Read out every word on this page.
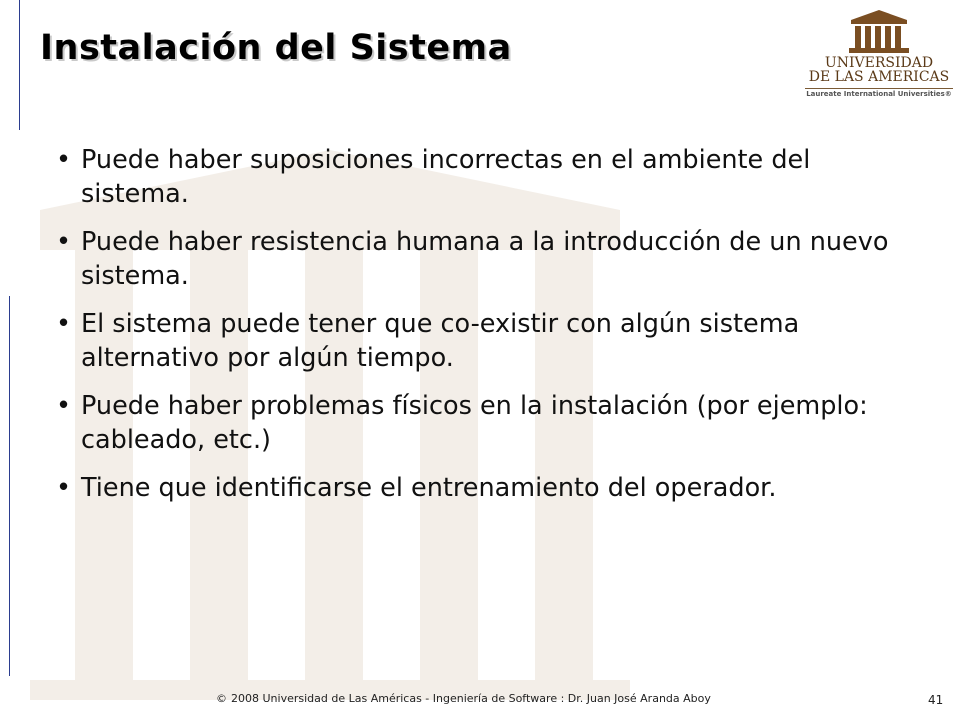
Instalación del Sistema	UNIVERSIDAD
DE LAS AMERICAS
Laureate International Universities®
• Puede haber suposiciones incorrectas en el ambiente del sistema.
• Puede haber resistencia humana a la introducción de un nuevo sistema.
• El sistema puede tener que co-existir con algún sistema alternativo por algún tiempo.
• Puede haber problemas físicos en la instalación (por ejemplo: cableado, etc.)
• Tiene que identificarse el entrenamiento del operador.
© 2008 Universidad de Las Américas - Ingeniería de Software : Dr. Juan José Aranda Aboy	41
